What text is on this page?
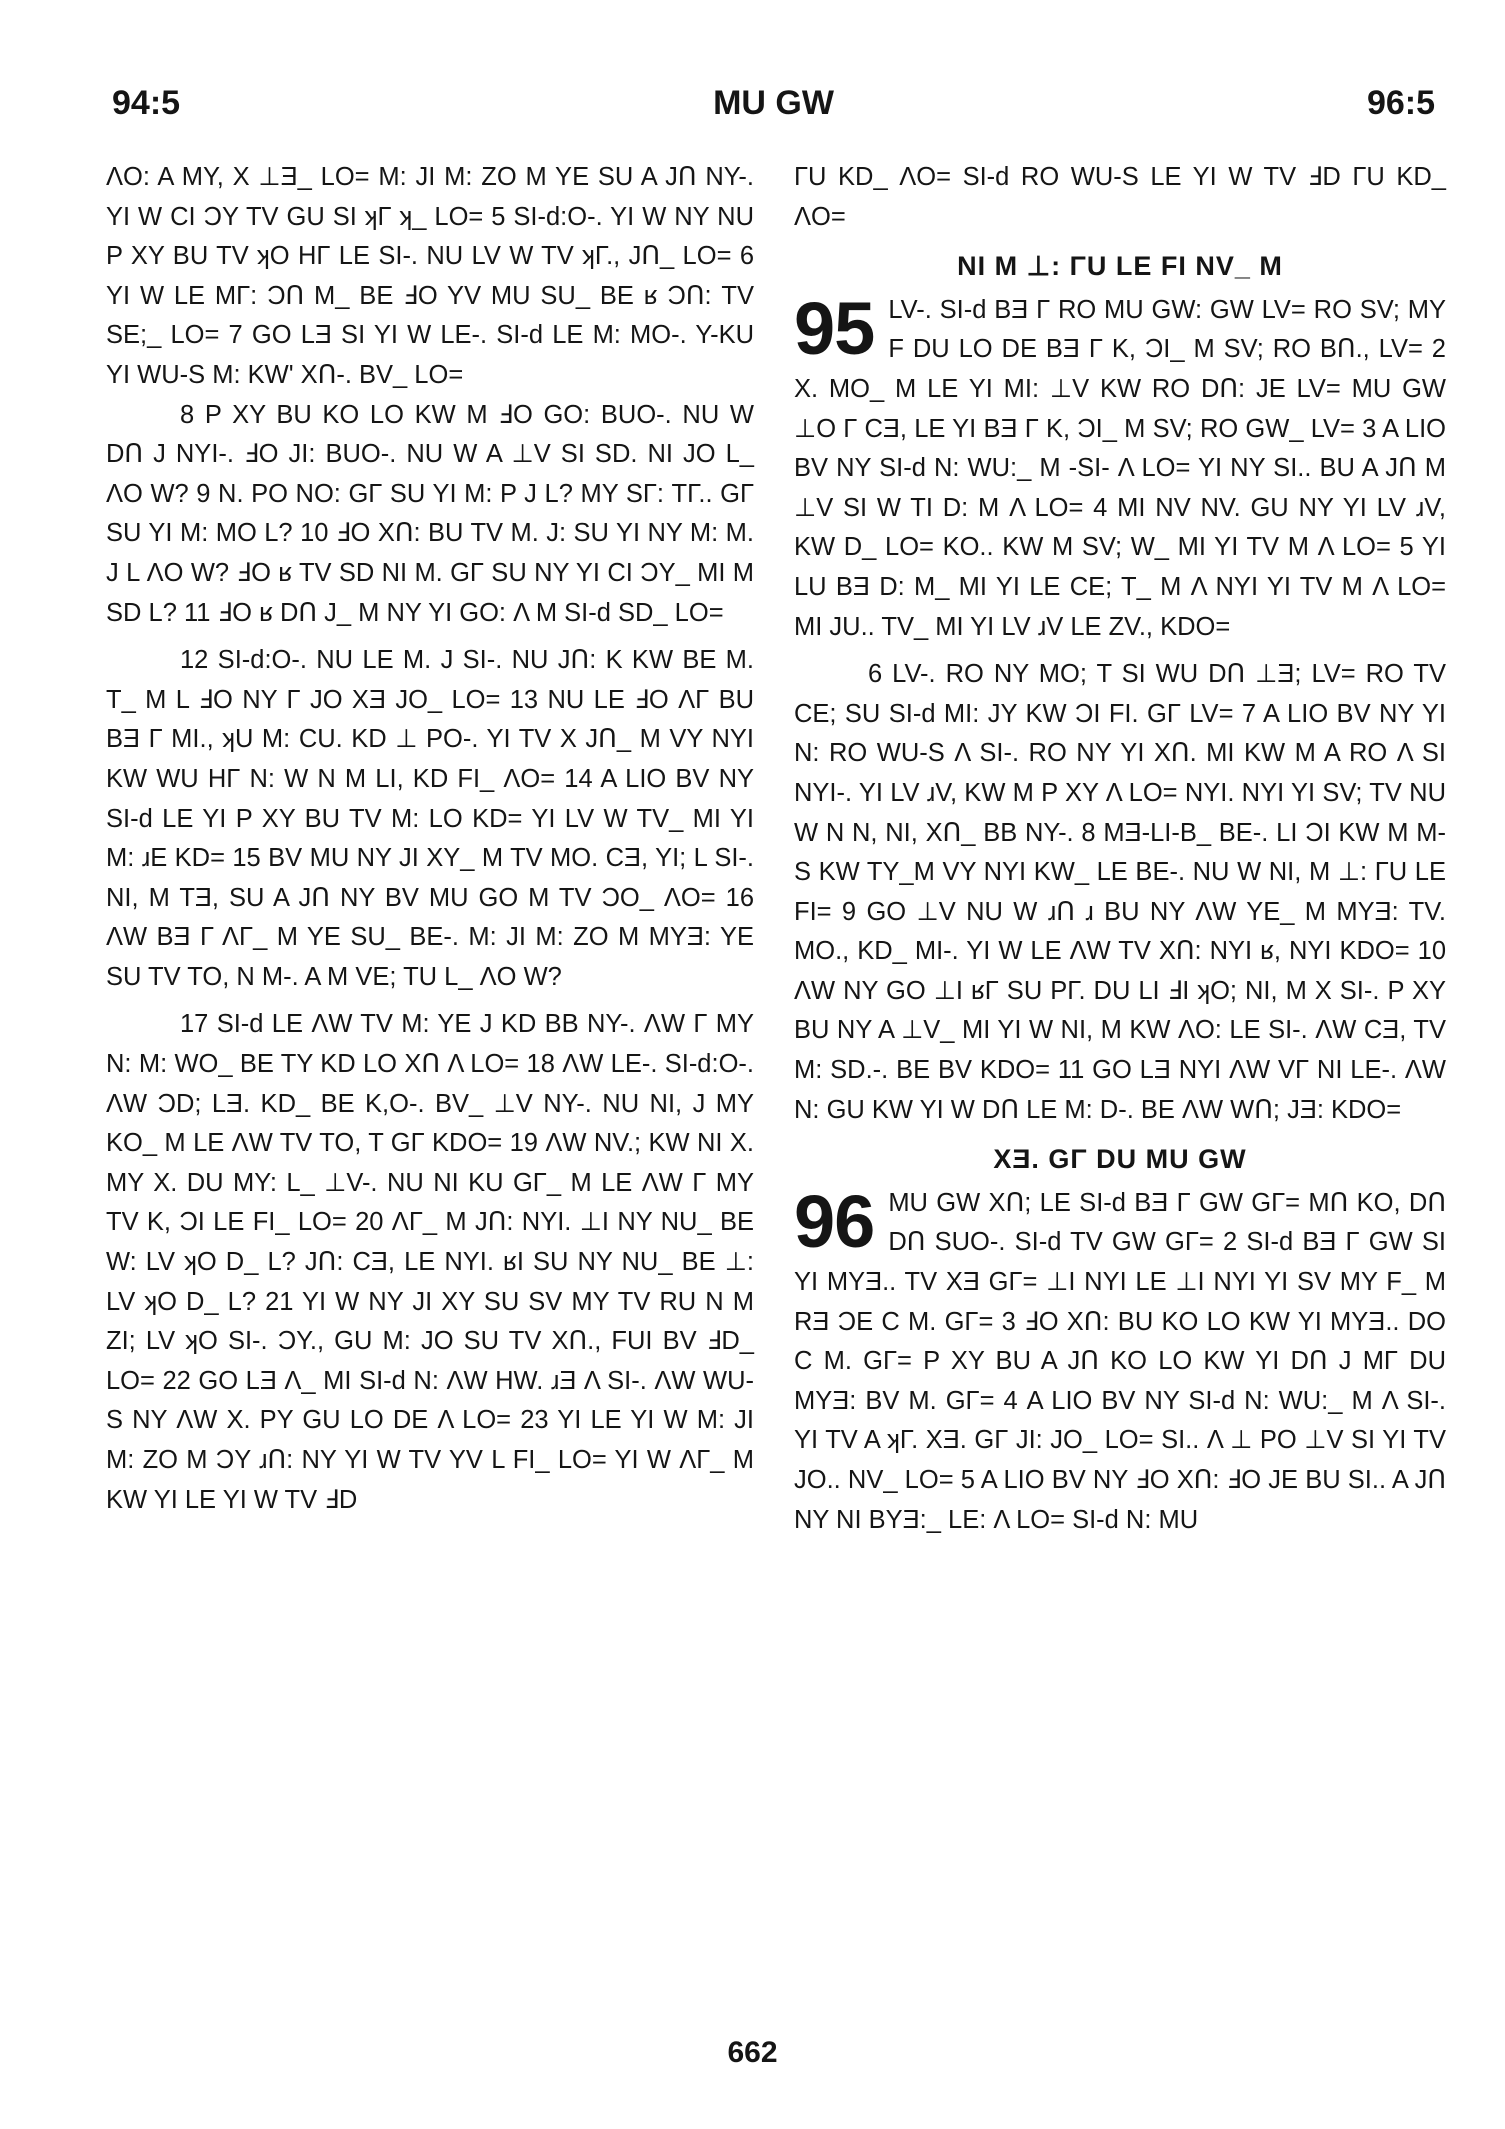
94:5	MU GW	96:5

ΛO: A MY, X ⊥Ǝ_ LO= M: JI M: ZO M YE SU A JՈ NY-. YI W CI ϽY TV GU SI ʞΓ ʞ_ LO= 5 SI-d:O-. YI W NY NU P XY BU TV ʞO HΓ LE SI-. NU LV W TV ʞΓ., JՈ_ LO= 6 YI W LE MΓ: ϽՈ M_ BE ℲO YV MU SU_ BE ʁ ϽՈ: TV SE;_ LO= 7 GO LƎ SI YI W LE-. SI-d LE M: MO-. Y-KU YI WU-S M: KW' XՈ-. BV_ LO=

8 P XY BU KO LO KW M ℲO GO: BUO-. NU W DՈ J NYI-. ℲO JI: BUO-. NU W A ⊥V SI SD. NI JO L_ ΛO W? 9 N. PO NO: GΓ SU YI M: P J L? MY SΓ: TΓ.. GΓ SU YI M: MO L? 10 ℲO XՈ: BU TV M. J: SU YI NY M: M. J L ΛO W? ℲO ʁ TV SD NI M. GΓ SU NY YI CI ϽY_ MI M SD L? 11 ℲO ʁ DՈ J_ M NY YI GO: Λ M SI-d SD_ LO=

12 SI-d:O-. NU LE M. J SI-. NU JՈ: K KW BE M. T_ M L ℲO NY Γ JO XƎ JO_ LO= 13 NU LE ℲO ΛΓ BU BƎ Γ MI., ʞU M: CU. KD ⊥ PO-. YI TV X JՈ_ M VY NYI KW WU HΓ N: W N M LI, KD FI_ ΛO= 14 A LIO BV NY SI-d LE YI P XY BU TV M: LO KD= YI LV W TV_ MI YI M: ɹE KD= 15 BV MU NY JI XY_ M TV MO. CƎ, YI; L SI-. NI, M TƎ, SU A JՈ NY BV MU GO M TV ϽO_ ΛO= 16 ΛW BƎ Γ ΛΓ_ M YE SU_ BE-. M: JI M: ZO M MYƎ: YE SU TV TO, N M-. A M VE; TU L_ ΛO W?

17 SI-d LE ΛW TV M: YE J KD BB NY-. ΛW Γ MY N: M: WO_ BE TY KD LO XՈ Λ LO= 18 ΛW LE-. SI-d:O-. ΛW ϽD; LƎ. KD_ BE K,O-. BV_ ⊥V NY-. NU NI, J MY KO_ M LE ΛW TV TO, T GΓ KDO= 19 ΛW NV.; KW NI X. MY X. DU MY: L_ ⊥V-. NU NI KU GΓ_ M LE ΛW Γ MY TV K, ϽI LE FI_ LO= 20 ΛΓ_ M JՈ: NYI. ⊥I NY NU_ BE W: LV ʞO D_ L? JՈ: CƎ, LE NYI. ʁI SU NY NU_ BE ⊥: LV ʞO D_ L? 21 YI W NY JI XY SU SV MY TV RU N M ZI; LV ʞO SI-. ϽY., GU M: JO SU TV XՈ., FUI BV ℲD_ LO= 22 GO LƎ Λ_ MI SI-d N: ΛW HW. ɹƎ Λ SI-. ΛW WU-S NY ΛW X. PY GU LO DE Λ LO= 23 YI LE YI W M: JI M: ZO M ϽY ɹՈ: NY YI W TV YV L FI_ LO= YI W ΛΓ_ M KW YI LE YI W TV ℲD

ΓU KD_ ΛO= SI-d RO WU-S LE YI W TV ℲD ΓU KD_ ΛO=

NI M ⊥: ΓU LE FI NV_ M

95 LV-. SI-d BƎ Γ RO MU GW: GW LV= RO SV; MY F DU LO DE BƎ Γ K, ϽI_ M SV; RO BՈ., LV= 2 X. MO_ M LE YI MI: ⊥V KW RO DՈ: JE LV= MU GW ⊥O Γ CƎ, LE YI BƎ Γ K, ϽI_ M SV; RO GW_ LV= 3 A LIO BV NY SI-d N: WU:_ M -SI- Λ LO= YI NY SI.. BU A JՈ M ⊥V SI W TI D: M Λ LO= 4 MI NV NV. GU NY YI LV ɹV, KW D_ LO= KO.. KW M SV; W_ MI YI TV M Λ LO= 5 YI LU BƎ D: M_ MI YI LE CE; T_ M Λ NYI YI TV M Λ LO= MI JU.. TV_ MI YI LV ɹV LE ZV., KDO=

6 LV-. RO NY MO; T SI WU DՈ ⊥Ǝ; LV= RO TV CE; SU SI-d MI: JY KW ϽI FI. GΓ LV= 7 A LIO BV NY YI N: RO WU-S Λ SI-. RO NY YI XՈ. MI KW M A RO Λ SI NYI-. YI LV ɹV, KW M P XY Λ LO= NYI. NYI YI SV; TV NU W N N, NI, XՈ_ BB NY-. 8 MƎ-LI-B_ BE-. LI ϽI KW M M-S KW TY_M VY NYI KW_ LE BE-. NU W NI, M ⊥: ΓU LE FI= 9 GO ⊥V NU W ɹՈ ɹ BU NY ΛW YE_ M MYƎ: TV. MO., KD_ MI-. YI W LE ΛW TV XՈ: NYI ʁ, NYI KDO= 10 ΛW NY GO ⊥I ʁΓ SU PΓ. DU LI ℲI ʞO; NI, M X SI-. P XY BU NY A ⊥V_ MI YI W NI, M KW ΛO: LE SI-. ΛW CƎ, TV M: SD.-. BE BV KDO= 11 GO LƎ NYI ΛW VΓ NI LE-. ΛW N: GU KW YI W DՈ LE M: D-. BE ΛW WՈ; JƎ: KDO=

XƎ. GΓ DU MU GW

96 MU GW XՈ; LE SI-d BƎ Γ GW GΓ= MՈ KO, DՈ DՈ SUO-. SI-d TV GW GΓ= 2 SI-d BƎ Γ GW SI YI MYƎ.. TV XƎ GΓ= ⊥I NYI LE ⊥I NYI YI SV MY F_ M RƎ ϽE C M. GΓ= 3 ℲO XՈ: BU KO LO KW YI MYƎ.. DO C M. GΓ= P XY BU A JՈ KO LO KW YI DՈ J MΓ DU MYƎ: BV M. GΓ= 4 A LIO BV NY SI-d N: WU:_ M Λ SI-. YI TV A ʞΓ. XƎ. GΓ JI: JO_ LO= SI.. Λ ⊥ PO ⊥V SI YI TV JO.. NV_ LO= 5 A LIO BV NY ℲO XՈ: ℲO JE BU SI.. A JՈ NY NI BYƎ:_ LE: Λ LO= SI-d N: MU

662
